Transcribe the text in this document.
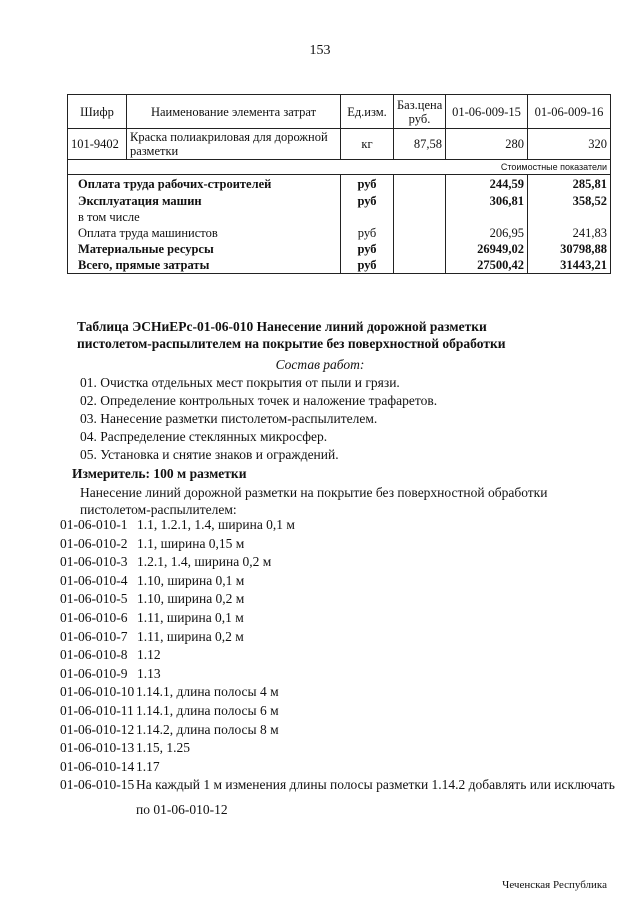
153
Шифр	Наименование элемента затрат	Ед.изм.	Баз.цена руб.	01-06-009-15	01-06-009-16
101-9402	Краска полиакриловая для дорожной разметки	кг	87,58	280	320
Стоимостные показатели					
Оплата труда рабочих-строителей		руб		244,59	285,81
Эксплуатация машин		руб		306,81	358,52
в том числе					
Оплата труда машинистов		руб		206,95	241,83
Материальные ресурсы		руб		26949,02	30798,88
Всего, прямые затраты		руб		27500,42	31443,21
Таблица ЭСНиЕРс-01-06-010 Нанесение линий дорожной разметки пистолетом-распылителем на покрытие без поверхностной обработки
Состав работ:
01. Очистка отдельных мест покрытия от пыли и грязи.
02. Определение контрольных точек и наложение трафаретов.
03. Нанесение разметки пистолетом-распылителем.
04. Распределение стеклянных микросфер.
05. Установка и снятие знаков и ограждений.
Измеритель: 100 м разметки
Нанесение линий дорожной разметки на покрытие без поверхностной обработки пистолетом-распылителем:
01-06-010-1 1.1, 1.2.1, 1.4, ширина 0,1 м
01-06-010-2 1.1, ширина 0,15 м
01-06-010-3 1.2.1, 1.4, ширина 0,2 м
01-06-010-4 1.10, ширина 0,1 м
01-06-010-5 1.10, ширина 0,2 м
01-06-010-6 1.11, ширина 0,1 м
01-06-010-7 1.11, ширина 0,2 м
01-06-010-8 1.12
01-06-010-9 1.13
01-06-010-10 1.14.1, длина полосы 4 м
01-06-010-11 1.14.1, длина полосы 6 м
01-06-010-12 1.14.2, длина полосы 8 м
01-06-010-13 1.15, 1.25
01-06-010-14 1.17
01-06-010-15 На каждый 1 м изменения длины полосы разметки 1.14.2 добавлять или исключать
по 01-06-010-12
Чеченская Республика
